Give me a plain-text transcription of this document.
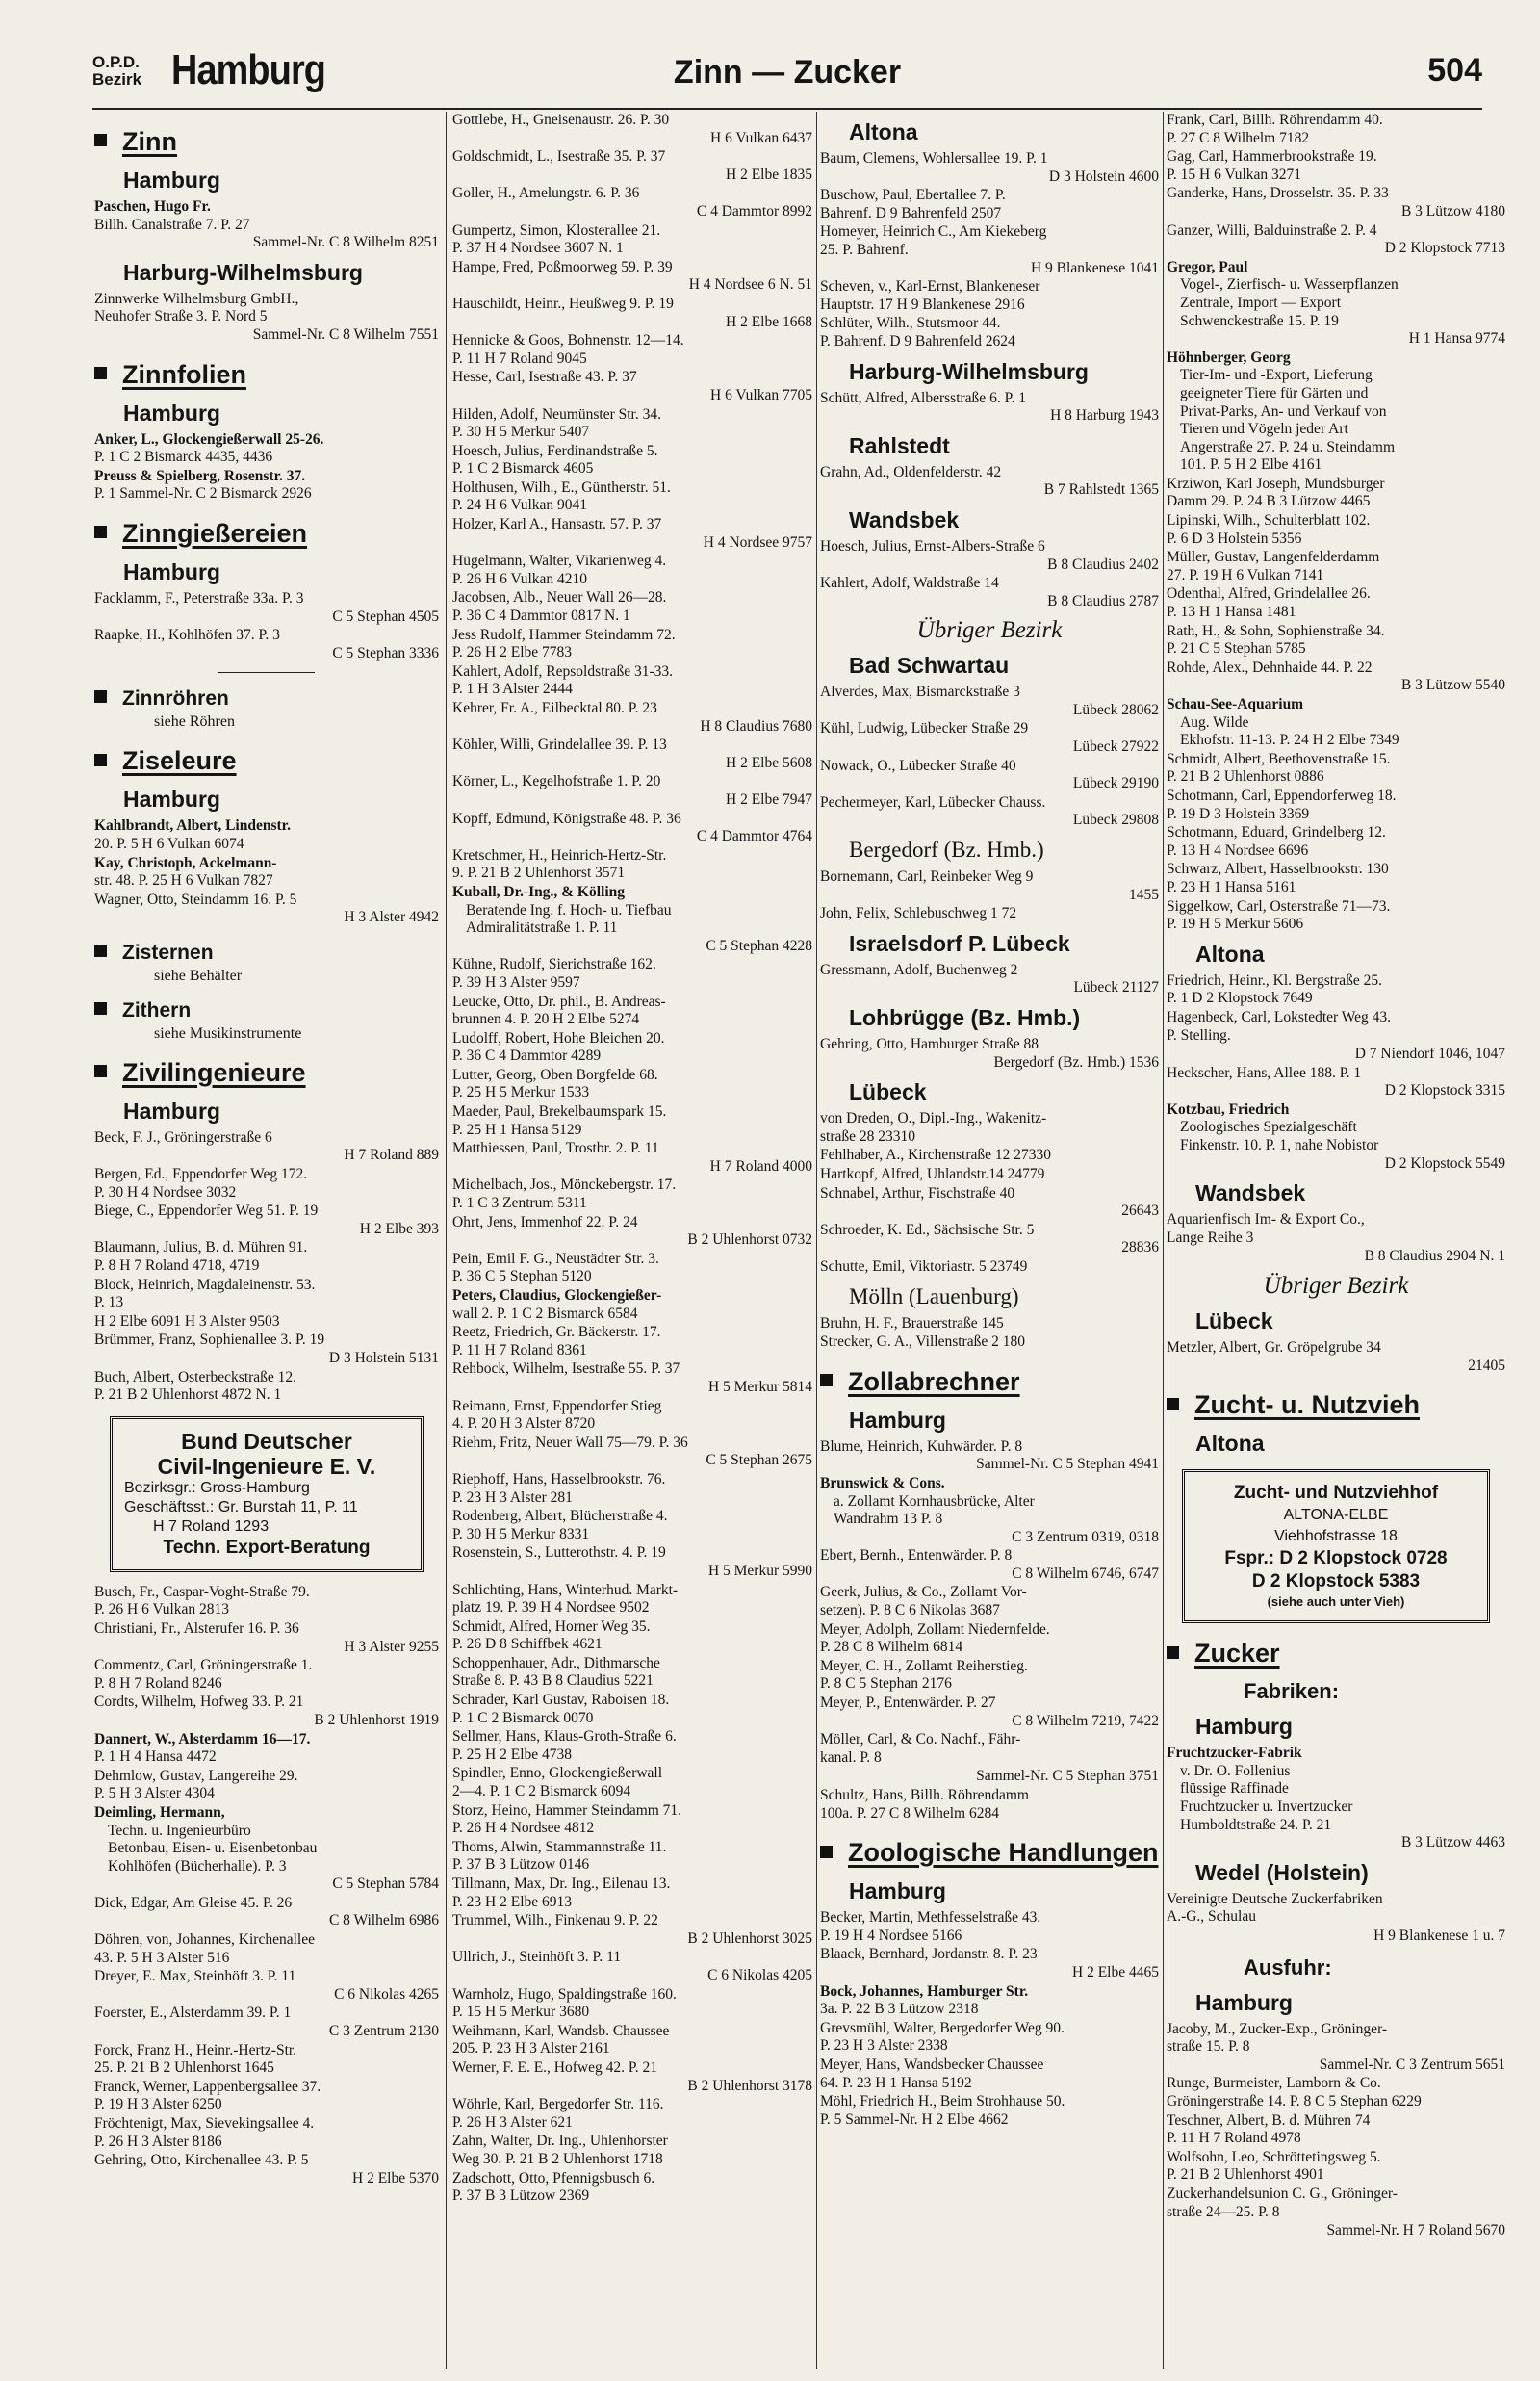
O.P.D.
Bezirk Hamburg	Zinn — Zucker	504
Zinn
Hamburg
Paschen, Hugo Fr.
Billh. Canalstraße 7. P. 27
Sammel-Nr. C 8 Wilhelm 8251
Harburg-Wilhelmsburg
Zinnwerke Wilhelmsburg GmbH.,
Neuhofer Straße 3. P. Nord 5
Sammel-Nr. C 8 Wilhelm 7551
Zinnfolien
Hamburg
Anker, L., Glockengießerwall 25-26.
P. 1 C 2 Bismarck 4435, 4436
Preuss & Spielberg, Rosenstr. 37.
P. 1 Sammel-Nr. C 2 Bismarck 2926
Zinngießereien
Hamburg
Facklamm, F., Peterstraße 33a. P. 3
C 5 Stephan 4505
Raapke, H., Kohlhöfen 37. P. 3
C 5 Stephan 3336
Zinnröhren
siehe Röhren
Ziseleure
Hamburg
Kahlbrandt, Albert, Lindenstr.
20. P. 5 H 6 Vulkan 6074
Kay, Christoph, Ackelmann-
str. 48. P. 25 H 6 Vulkan 7827
Wagner, Otto, Steindamm 16. P. 5
H 3 Alster 4942
Zisternen
siehe Behälter
Zithern
siehe Musikinstrumente
Zivilingenieure
Hamburg
Beck, F. J., Gröningerstraße 6
H 7 Roland 889
Bergen, Ed., Eppendorfer Weg 172.
P. 30 H 4 Nordsee 3032
Biege, C., Eppendorfer Weg 51. P. 19
H 2 Elbe 393
Blaumann, Julius, B. d. Mühren 91.
P. 8 H 7 Roland 4718, 4719
Block, Heinrich, Magdaleinenstr. 53.
P. 13
H 2 Elbe 6091 H 3 Alster 9503
Brümmer, Franz, Sophienallee 3. P. 19
D 3 Holstein 5131
Buch, Albert, Osterbeckstraße 12.
P. 21 B 2 Uhlenhorst 4872 N. 1
Bund Deutscher
Civil-Ingenieure E. V.
Bezirksgr.: Gross-Hamburg
Geschäftsst.: Gr. Burstah 11, P. 11
H 7 Roland 1293
Techn. Export-Beratung
Busch, Fr., Caspar-Voght-Straße 79.
P. 26 H 6 Vulkan 2813
Christiani, Fr., Alsterufer 16. P. 36
H 3 Alster 9255
Commentz, Carl, Gröningerstraße 1.
P. 8 H 7 Roland 8246
Cordts, Wilhelm, Hofweg 33. P. 21
B 2 Uhlenhorst 1919
Dannert, W., Alsterdamm 16—17.
P. 1 H 4 Hansa 4472
Dehmlow, Gustav, Langereihe 29.
P. 5 H 3 Alster 4304
Deimling, Hermann,
Techn. u. Ingenieurbüro
Betonbau, Eisen- u. Eisenbetonbau
Kohlhöfen (Bücherhalle). P. 3
C 5 Stephan 5784
Dick, Edgar, Am Gleise 45. P. 26
C 8 Wilhelm 6986
Döhren, von, Johannes, Kirchenallee
43. P. 5 H 3 Alster 516
Dreyer, E. Max, Steinhöft 3. P. 11
C 6 Nikolas 4265
Foerster, E., Alsterdamm 39. P. 1
C 3 Zentrum 2130
Forck, Franz H., Heinr.-Hertz-Str.
25. P. 21 B 2 Uhlenhorst 1645
Franck, Werner, Lappenbergsallee 37.
P. 19 H 3 Alster 6250
Fröchtenigt, Max, Sievekingsallee 4.
P. 26 H 3 Alster 8186
Gehring, Otto, Kirchenallee 43. P. 5
H 2 Elbe 5370
Gottlebe, H., Gneisenaustr. 26. P. 30
H 6 Vulkan 6437
Goldschmidt, L., Isestraße 35. P. 37
H 2 Elbe 1835
Goller, H., Amelungstr. 6. P. 36
C 4 Dammtor 8992
Gumpertz, Simon, Klosterallee 21.
P. 37 H 4 Nordsee 3607 N. 1
Hampe, Fred, Poßmoorweg 59. P. 39
H 4 Nordsee 6 N. 51
Hauschildt, Heinr., Heußweg 9. P. 19
H 2 Elbe 1668
Hennicke & Goos, Bohnenstr. 12—14.
P. 11 H 7 Roland 9045
Hesse, Carl, Isestraße 43. P. 37
H 6 Vulkan 7705
Hilden, Adolf, Neumünster Str. 34.
P. 30 H 5 Merkur 5407
Hoesch, Julius, Ferdinandstraße 5.
P. 1 C 2 Bismarck 4605
Holthusen, Wilh., E., Güntherstr. 51.
P. 24 H 6 Vulkan 9041
Holzer, Karl A., Hansastr. 57. P. 37
H 4 Nordsee 9757
Hügelmann, Walter, Vikarienweg 4.
P. 26 H 6 Vulkan 4210
Jacobsen, Alb., Neuer Wall 26—28.
P. 36 C 4 Dammtor 0817 N. 1
Jess Rudolf, Hammer Steindamm 72.
P. 26 H 2 Elbe 7783
Kahlert, Adolf, Repsoldstraße 31-33.
P. 1 H 3 Alster 2444
Kehrer, Fr. A., Eilbecktal 80. P. 23
H 8 Claudius 7680
Köhler, Willi, Grindelallee 39. P. 13
H 2 Elbe 5608
Körner, L., Kegelhofstraße 1. P. 20
H 2 Elbe 7947
Kopff, Edmund, Königstraße 48. P. 36
C 4 Dammtor 4764
Kretschmer, H., Heinrich-Hertz-Str.
9. P. 21 B 2 Uhlenhorst 3571
Kuball, Dr.-Ing., & Kölling
Beratende Ing. f. Hoch- u. Tiefbau
Admiralitätstraße 1. P. 11
C 5 Stephan 4228
Kühne, Rudolf, Sierichstraße 162.
P. 39 H 3 Alster 9597
Leucke, Otto, Dr. phil., B. Andreas-
brunnen 4. P. 20 H 2 Elbe 5274
Ludolff, Robert, Hohe Bleichen 20.
P. 36 C 4 Dammtor 4289
Lutter, Georg, Oben Borgfelde 68.
P. 25 H 5 Merkur 1533
Maeder, Paul, Brekelbaumspark 15.
P. 25 H 1 Hansa 5129
Matthiessen, Paul, Trostbr. 2. P. 11
H 7 Roland 4000
Michelbach, Jos., Mönckebergstr. 17.
P. 1 C 3 Zentrum 5311
Ohrt, Jens, Immenhof 22. P. 24
B 2 Uhlenhorst 0732
Pein, Emil F. G., Neustädter Str. 3.
P. 36 C 5 Stephan 5120
Peters, Claudius, Glockengießer-
wall 2. P. 1 C 2 Bismarck 6584
Reetz, Friedrich, Gr. Bäckerstr. 17.
P. 11 H 7 Roland 8361
Rehbock, Wilhelm, Isestraße 55. P. 37
H 5 Merkur 5814
Reimann, Ernst, Eppendorfer Stieg
4. P. 20 H 3 Alster 8720
Riehm, Fritz, Neuer Wall 75—79. P. 36
C 5 Stephan 2675
Riephoff, Hans, Hasselbrookstr. 76.
P. 23 H 3 Alster 281
Rodenberg, Albert, Blücherstraße 4.
P. 30 H 5 Merkur 8331
Rosenstein, S., Lutterothstr. 4. P. 19
H 5 Merkur 5990
Schlichting, Hans, Winterhud. Markt-
platz 19. P. 39 H 4 Nordsee 9502
Schmidt, Alfred, Horner Weg 35.
P. 26 D 8 Schiffbek 4621
Schoppenhauer, Adr., Dithmarsche
Straße 8. P. 43 B 8 Claudius 5221
Schrader, Karl Gustav, Raboisen 18.
P. 1 C 2 Bismarck 0070
Sellmer, Hans, Klaus-Groth-Straße 6.
P. 25 H 2 Elbe 4738
Spindler, Enno, Glockengießerwall
2—4. P. 1 C 2 Bismarck 6094
Storz, Heino, Hammer Steindamm 71.
P. 26 H 4 Nordsee 4812
Thoms, Alwin, Stammannstraße 11.
P. 37 B 3 Lützow 0146
Tillmann, Max, Dr. Ing., Eilenau 13.
P. 23 H 2 Elbe 6913
Trummel, Wilh., Finkenau 9. P. 22
B 2 Uhlenhorst 3025
Ullrich, J., Steinhöft 3. P. 11
C 6 Nikolas 4205
Warnholz, Hugo, Spaldingstraße 160.
P. 15 H 5 Merkur 3680
Weihmann, Karl, Wandsb. Chaussee
205. P. 23 H 3 Alster 2161
Werner, F. E. E., Hofweg 42. P. 21
B 2 Uhlenhorst 3178
Wöhrle, Karl, Bergedorfer Str. 116.
P. 26 H 3 Alster 621
Zahn, Walter, Dr. Ing., Uhlenhorster
Weg 30. P. 21 B 2 Uhlenhorst 1718
Zadschott, Otto, Pfennigsbusch 6.
P. 37 B 3 Lützow 2369
Altona
Baum, Clemens, Wohlersallee 19. P. 1
D 3 Holstein 4600
Buschow, Paul, Ebertallee 7. P.
Bahrenf. D 9 Bahrenfeld 2507
Homeyer, Heinrich C., Am Kiekeberg
25. P. Bahrenf.
H 9 Blankenese 1041
Scheven, v., Karl-Ernst, Blankeneser
Hauptstr. 17 H 9 Blankenese 2916
Schlüter, Wilh., Stutsmoor 44.
P. Bahrenf. D 9 Bahrenfeld 2624
Harburg-Wilhelmsburg
Schütt, Alfred, Albersstraße 6. P. 1
H 8 Harburg 1943
Rahlstedt
Grahn, Ad., Oldenfelderstr. 42
B 7 Rahlstedt 1365
Wandsbek
Hoesch, Julius, Ernst-Albers-Straße 6
B 8 Claudius 2402
Kahlert, Adolf, Waldstraße 14
B 8 Claudius 2787
Übriger Bezirk
Bad Schwartau
Alverdes, Max, Bismarckstraße 3
Lübeck 28062
Kühl, Ludwig, Lübecker Straße 29
Lübeck 27922
Nowack, O., Lübecker Straße 40
Lübeck 29190
Pechermeyer, Karl, Lübecker Chauss.
Lübeck 29808
Bergedorf (Bz. Hmb.)
Bornemann, Carl, Reinbeker Weg 9
1455
John, Felix, Schlebuschweg 1 72
Israelsdorf P. Lübeck
Gressmann, Adolf, Buchenweg 2
Lübeck 21127
Lohbrügge (Bz. Hmb.)
Gehring, Otto, Hamburger Straße 88
Bergedorf (Bz. Hmb.) 1536
Lübeck
von Dreden, O., Dipl.-Ing., Wakenitz-
straße 28 23310
Fehlhaber, A., Kirchenstraße 12 27330
Hartkopf, Alfred, Uhlandstr.14 24779
Schnabel, Arthur, Fischstraße 40
26643
Schroeder, K. Ed., Sächsische Str. 5
28836
Schutte, Emil, Viktoriastr. 5 23749
Mölln (Lauenburg)
Bruhn, H. F., Brauerstraße 145
Strecker, G. A., Villenstraße 2 180
Zollabrechner
Hamburg
Blume, Heinrich, Kuhwärder. P. 8
Sammel-Nr. C 5 Stephan 4941
Brunswick & Cons.
a. Zollamt Kornhausbrücke, Alter
Wandrahm 13 P. 8
C 3 Zentrum 0319, 0318
Ebert, Bernh., Entenwärder. P. 8
C 8 Wilhelm 6746, 6747
Geerk, Julius, & Co., Zollamt Vor-
setzen). P. 8 C 6 Nikolas 3687
Meyer, Adolph, Zollamt Niedernfelde.
P. 28 C 8 Wilhelm 6814
Meyer, C. H., Zollamt Reiherstieg.
P. 8 C 5 Stephan 2176
Meyer, P., Entenwärder. P. 27
C 8 Wilhelm 7219, 7422
Möller, Carl, & Co. Nachf., Fähr-
kanal. P. 8
Sammel-Nr. C 5 Stephan 3751
Schultz, Hans, Billh. Röhrendamm
100a. P. 27 C 8 Wilhelm 6284
Zoologische Handlungen
Hamburg
Becker, Martin, Methfesselstraße 43.
P. 19 H 4 Nordsee 5166
Blaack, Bernhard, Jordanstr. 8. P. 23
H 2 Elbe 4465
Bock, Johannes, Hamburger Str.
3a. P. 22 B 3 Lützow 2318
Grevsmühl, Walter, Bergedorfer Weg 90.
P. 23 H 3 Alster 2338
Meyer, Hans, Wandsbecker Chaussee
64. P. 23 H 1 Hansa 5192
Möhl, Friedrich H., Beim Strohhause 50.
P. 5 Sammel-Nr. H 2 Elbe 4662
Frank, Carl, Billh. Röhrendamm 40.
P. 27 C 8 Wilhelm 7182
Gag, Carl, Hammerbrookstraße 19.
P. 15 H 6 Vulkan 3271
Ganderke, Hans, Drosselstr. 35. P. 33
B 3 Lützow 4180
Ganzer, Willi, Balduinstraße 2. P. 4
D 2 Klopstock 7713
Gregor, Paul
Vogel-, Zierfisch- u. Wasserpflanzen
Zentrale, Import — Export
Schwenckestraße 15. P. 19
H 1 Hansa 9774
Höhnberger, Georg
Tier-Im- und -Export, Lieferung
geeigneter Tiere für Gärten und
Privat-Parks, An- und Verkauf von
Tieren und Vögeln jeder Art
Angerstraße 27. P. 24 u. Steindamm
101. P. 5 H 2 Elbe 4161
Krziwon, Karl Joseph, Mundsburger
Damm 29. P. 24 B 3 Lützow 4465
Lipinski, Wilh., Schulterblatt 102.
P. 6 D 3 Holstein 5356
Müller, Gustav, Langenfelderdamm
27. P. 19 H 6 Vulkan 7141
Odenthal, Alfred, Grindelallee 26.
P. 13 H 1 Hansa 1481
Rath, H., & Sohn, Sophienstraße 34.
P. 21 C 5 Stephan 5785
Rohde, Alex., Dehnhaide 44. P. 22
B 3 Lützow 5540
Schau-See-Aquarium
Aug. Wilde
Ekhofstr. 11-13. P. 24 H 2 Elbe 7349
Schmidt, Albert, Beethovenstraße 15.
P. 21 B 2 Uhlenhorst 0886
Schotmann, Carl, Eppendorferweg 18.
P. 19 D 3 Holstein 3369
Schotmann, Eduard, Grindelberg 12.
P. 13 H 4 Nordsee 6696
Schwarz, Albert, Hasselbrookstr. 130
P. 23 H 1 Hansa 5161
Siggelkow, Carl, Osterstraße 71—73.
P. 19 H 5 Merkur 5606
Altona
Friedrich, Heinr., Kl. Bergstraße 25.
P. 1 D 2 Klopstock 7649
Hagenbeck, Carl, Lokstedter Weg 43.
P. Stelling.
D 7 Niendorf 1046, 1047
Heckscher, Hans, Allee 188. P. 1
D 2 Klopstock 3315
Kotzbau, Friedrich
Zoologisches Spezialgeschäft
Finkenstr. 10. P. 1, nahe Nobistor
D 2 Klopstock 5549
Wandsbek
Aquarienfisch Im- & Export Co.,
Lange Reihe 3
B 8 Claudius 2904 N. 1
Übriger Bezirk
Lübeck
Metzler, Albert, Gr. Gröpelgrube 34
21405
Zucht- u. Nutzvieh
Altona
Zucht- und Nutzviehhof
ALTONA-ELBE
Viehhofstrasse 18
Fspr.: D 2 Klopstock 0728
D 2 Klopstock 5383
(siehe auch unter Vieh)
Zucker
Fabriken:
Hamburg
Fruchtzucker-Fabrik
v. Dr. O. Follenius
flüssige Raffinade
Fruchtzucker u. Invertzucker
Humboldtstraße 24. P. 21
B 3 Lützow 4463
Wedel (Holstein)
Vereinigte Deutsche Zuckerfabriken
A.-G., Schulau
H 9 Blankenese 1 u. 7
Ausfuhr:
Hamburg
Jacoby, M., Zucker-Exp., Gröninger-
straße 15. P. 8
Sammel-Nr. C 3 Zentrum 5651
Runge, Burmeister, Lamborn & Co.
Gröningerstraße 14. P. 8 C 5 Stephan 6229
Teschner, Albert, B. d. Mühren 74
P. 11 H 7 Roland 4978
Wolfsohn, Leo, Schröttetingsweg 5.
P. 21 B 2 Uhlenhorst 4901
Zuckerhandelsunion C. G., Gröninger-
straße 24—25. P. 8
Sammel-Nr. H 7 Roland 5670
